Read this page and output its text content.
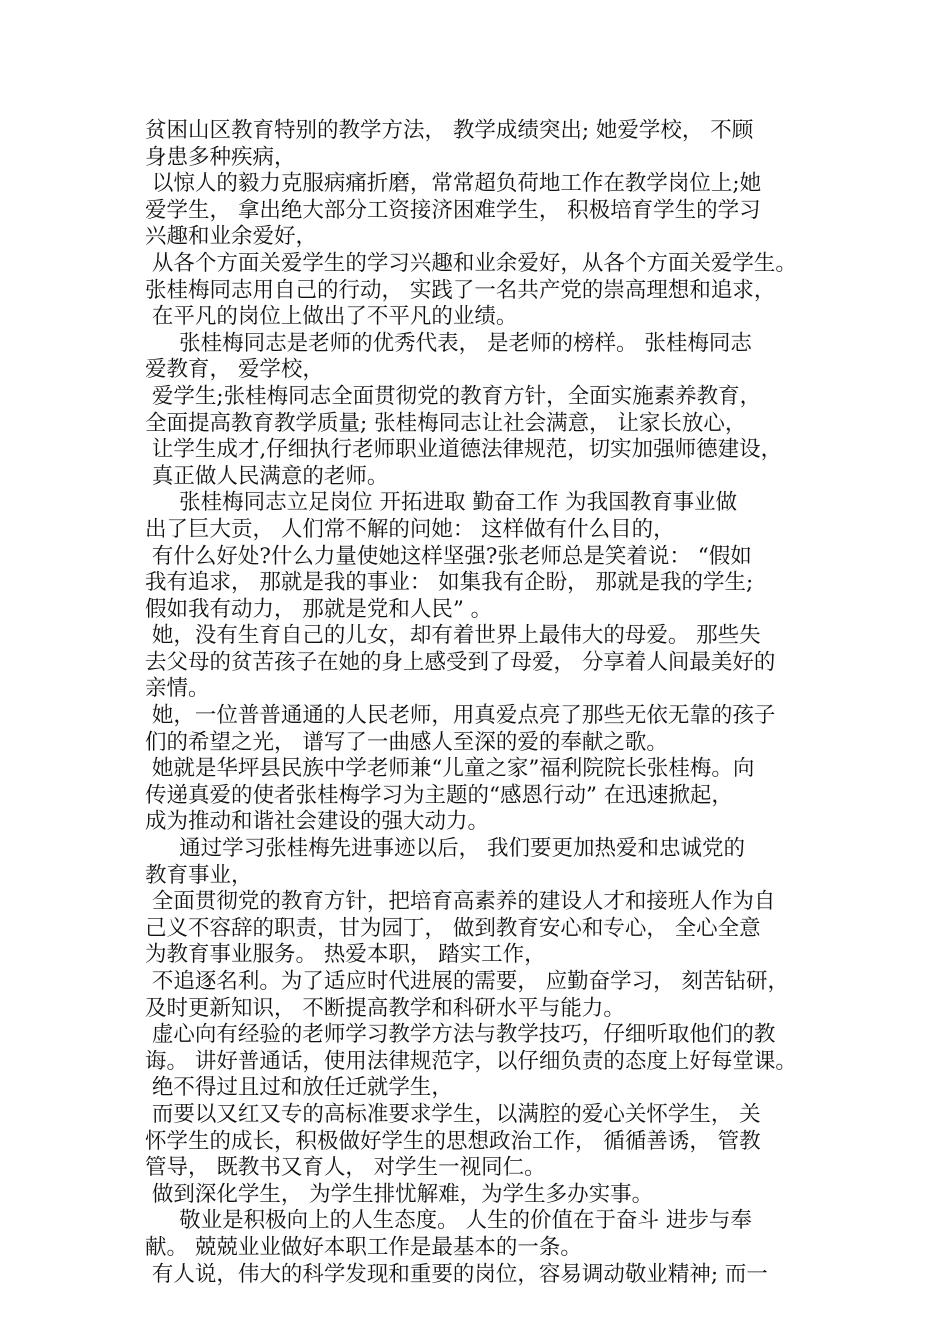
贫困山区教育特别的教学方法， 教学成绩突出; 她爱学校， 不顾
身患多种疾病，
以惊人的毅力克服病痛折磨，常常超负荷地工作在教学岗位上;她
爱学生， 拿出绝大部分工资接济困难学生， 积极培育学生的学习
兴趣和业余爱好，
从各个方面关爱学生的学习兴趣和业余爱好，从各个方面关爱学生。
张桂梅同志用自己的行动， 实践了一名共产党的崇高理想和追求，
在平凡的岗位上做出了不平凡的业绩。
张桂梅同志是老师的优秀代表， 是老师的榜样。 张桂梅同志
爱教育， 爱学校，
爱学生;张桂梅同志全面贯彻党的教育方针，全面实施素养教育，
全面提高教育教学质量; 张桂梅同志让社会满意， 让家长放心，
让学生成才,仔细执行老师职业道德法律规范，切实加强师德建设，
真正做人民满意的老师。
张桂梅同志立足岗位 开拓进取 勤奋工作 为我国教育事业做
出了巨大贡， 人们常不解的问她： 这样做有什么目的，
有什么好处?什么力量使她这样坚强?张老师总是笑着说： “假如
我有追求， 那就是我的事业： 如集我有企盼， 那就是我的学生;
假如我有动力， 那就是党和人民” 。
她，没有生育自己的儿女，却有着世界上最伟大的母爱。 那些失
去父母的贫苦孩子在她的身上感受到了母爱， 分享着人间最美好的
亲情。
她，一位普普通通的人民老师，用真爱点亮了那些无依无靠的孩子
们的希望之光， 谱写了一曲感人至深的爱的奉献之歌。
她就是华坪县民族中学老师兼“儿童之家”福利院院长张桂梅。向
传递真爱的使者张桂梅学习为主题的“感恩行动” 在迅速掀起，
成为推动和谐社会建设的强大动力。
通过学习张桂梅先进事迹以后， 我们要更加热爱和忠诚党的
教育事业，
全面贯彻党的教育方针，把培育高素养的建设人才和接班人作为自
己义不容辞的职责，甘为园丁， 做到教育安心和专心， 全心全意
为教育事业服务。 热爱本职， 踏实工作，
不追逐名利。为了适应时代进展的需要， 应勤奋学习， 刻苦钻研，
及时更新知识， 不断提高教学和科研水平与能力。
虚心向有经验的老师学习教学方法与教学技巧，仔细听取他们的教
诲。 讲好普通话，使用法律规范字，以仔细负责的态度上好每堂课。
绝不得过且过和放任迁就学生，
而要以又红又专的高标准要求学生，以满腔的爱心关怀学生， 关
怀学生的成长，积极做好学生的思想政治工作， 循循善诱， 管教
管导， 既教书又育人， 对学生一视同仁。
做到深化学生， 为学生排忧解难，为学生多办实事。
敬业是积极向上的人生态度。 人生的价值在于奋斗 进步与奉
献。 兢兢业业做好本职工作是最基本的一条。
有人说，伟大的科学发现和重要的岗位，容易调动敬业精神; 而一
